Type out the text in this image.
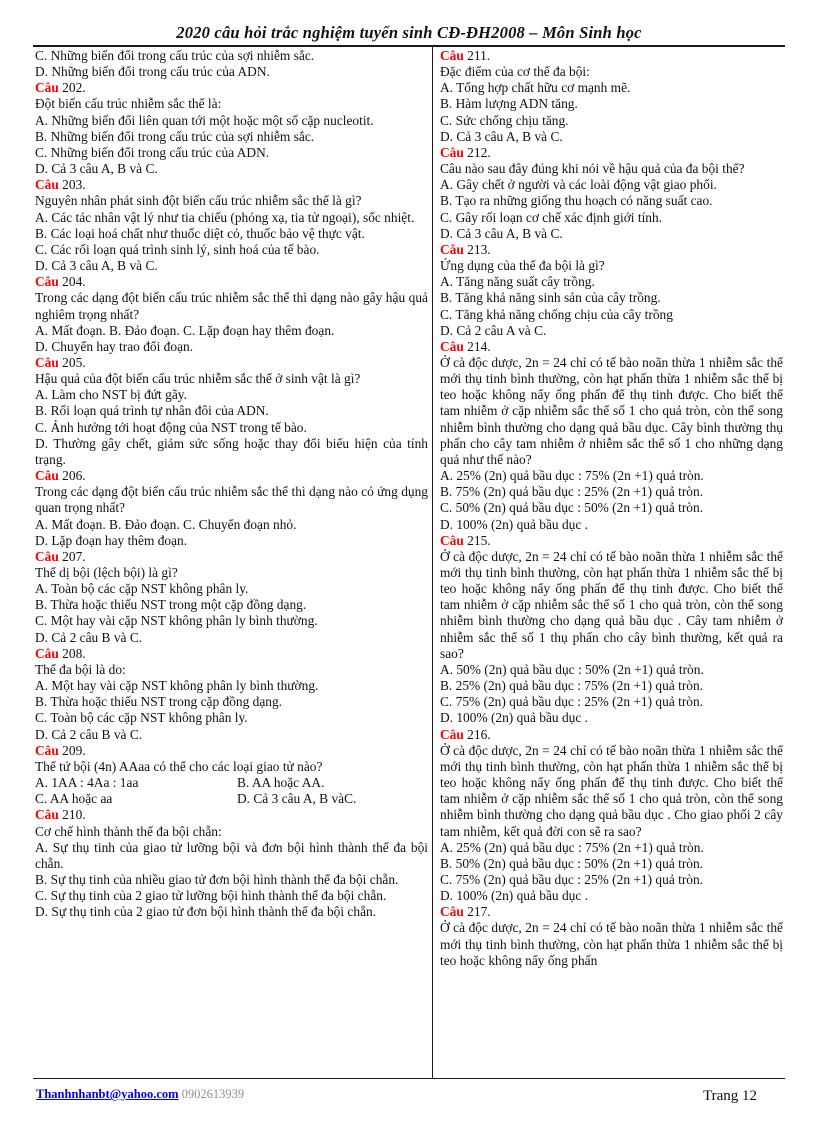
2020 câu hỏi trắc nghiệm tuyển sinh CĐ-ĐH2008 – Môn Sinh học
C. Những biến đổi trong cấu trúc của sợi nhiễm sắc.
D. Những biến đổi trong cấu trúc của ADN.
Câu 202.
Đột biến cấu trúc nhiễm sắc thể là:
A. Những biến đổi liên quan tới một hoặc một số cặp nucleotit.
B. Những biến đổi trong cấu trúc của sợi nhiễm sắc.
C. Những biến đổi trong cấu trúc của ADN.
D. Cả 3 câu A, B và C.
Câu 203.
Nguyên nhân phát sinh đột biến cấu trúc nhiễm sắc thể là gì?
A. Các tác nhân vật lý như tia chiếu (phóng xạ, tia tử ngoại), sốc nhiệt.
B. Các loại hoá chất như thuốc diệt cỏ, thuốc bảo vệ thực vật.
C. Các rối loạn quá trình sinh lý, sinh hoá của tế bào.
D. Cả 3 câu A, B và C.
Câu 204.
Trong các dạng đột biến cấu trúc nhiễm sắc thể thì dạng nào gây hậu quả nghiêm trọng nhất?
A. Mất đoạn. B. Đảo đoạn. C. Lặp đoạn hay thêm đoạn.
D. Chuyển hay trao đổi đoạn.
Câu 205.
Hậu quả của đột biến cấu trúc nhiễm sắc thể ở sinh vật là gì?
A. Làm cho NST bị đứt gãy.
B. Rối loạn quá trình tự nhân đôi của ADN.
C. Ảnh hưởng tới hoạt động của NST trong tế bào.
D. Thường gây chết, giảm sức sống hoặc thay đổi biểu hiện của tính trạng.
Câu 206.
Trong các dạng đột biến cấu trúc nhiễm sắc thể thì dạng nào có ứng dụng quan trọng nhất?
A. Mất đoạn. B. Đảo đoạn. C. Chuyển đoạn nhỏ.
D. Lặp đoạn hay thêm đoạn.
Câu 207.
Thể dị bội (lệch bội) là gì?
A. Toàn bộ các cặp NST không phân ly.
B. Thừa hoặc thiếu NST trong một cặp đồng dạng.
C. Một hay vài cặp NST không phân ly bình thường.
D. Cả 2 câu B và C.
Câu 208.
Thể đa bội là do:
A. Một hay vài cặp NST không phân ly bình thường.
B. Thừa hoặc thiếu NST trong cặp đồng dạng.
C. Toàn bộ các cặp NST không phân ly.
D. Cả 2 câu B và C.
Câu 209.
Thể tứ bội (4n) AAaa có thể cho các loại giao tử nào?
A. 1AA : 4Aa : 1aa	B. AA hoặc AA.
C. AA hoặc aa	D. Cả 3 câu A, B vàC.
Câu 210.
Cơ chế hình thành thể đa bội chẵn:
A. Sự thụ tinh của giao tử lưỡng bội và đơn bội hình thành thể đa bội chẵn.
B. Sự thụ tinh của nhiều giao tử đơn bội hình thành thể đa bội chẵn.
C. Sự thụ tinh của 2 giao tử lưỡng bội hình thành thể đa bội chẵn.
D. Sự thụ tinh của 2 giao tử đơn bội hình thành thể đa bội chẵn.
Câu 211.
Đặc điểm của cơ thể đa bội:
A. Tổng hợp chất hữu cơ mạnh mẽ.
B. Hàm lượng ADN tăng.
C. Sức chống chịu tăng.
D. Cả 3 câu A, B và C.
Câu 212.
Câu nào sau đây đúng khi nói về hậu quả của đa bội thể?
A. Gây chết ở người và các loài động vật giao phối.
B. Tạo ra những giống thu hoạch có năng suất cao.
C. Gây rối loạn cơ chế xác định giới tính.
D. Cả 3 câu A, B và C.
Câu 213.
Ứng dụng của thể đa bội là gì?
A. Tăng năng suất cây trồng.
B. Tăng khả năng sinh sản của cây trồng.
C. Tăng khả năng chống chịu của cây trồng
D. Cả 2 câu A và C.
Câu 214.
Ở cà độc dược, 2n = 24 chỉ có tế bào noãn thừa 1 nhiễm sắc thể mới thụ tinh bình thường, còn hạt phấn thừa 1 nhiễm sắc thể bị teo hoặc không nẩy ống phấn để thụ tinh được. Cho biết thể tam nhiễm ở cặp nhiễm sắc thể số 1 cho quả tròn, còn thể song nhiễm bình thường cho dạng quả bầu dục. Cây bình thường thụ phấn cho cây tam nhiễm ở nhiễm sắc thể số 1 cho những dạng quả như thế nào?
A. 25% (2n) quả bầu dục : 75% (2n +1) quả tròn.
B. 75% (2n) quả bầu dục : 25% (2n +1) quả tròn.
C. 50% (2n) quả bầu dục : 50% (2n +1) quả tròn.
D. 100% (2n) quả bầu dục .
Câu 215.
Ở cà độc dược, 2n = 24 chỉ có tế bào noãn thừa 1 nhiễm sắc thể mới thụ tinh bình thường, còn hạt phấn thừa 1 nhiễm sắc thể bị teo hoặc không nẩy ống phấn để thụ tinh được. Cho biết thể tam nhiễm ở cặp nhiễm sắc thể số 1 cho quả tròn, còn thể song nhiễm bình thường cho dạng quả bầu dục . Cây tam nhiễm ở nhiễm sắc thể số 1 thụ phấn cho cây bình thường, kết quả ra sao?
A. 50% (2n) quả bầu dục : 50% (2n +1) quả tròn.
B. 25% (2n) quả bầu dục : 75% (2n +1) quả tròn.
C. 75% (2n) quả bầu dục : 25% (2n +1) quả tròn.
D. 100% (2n) quả bầu dục .
Câu 216.
Ở cà độc dược, 2n = 24 chỉ có tế bào noãn thừa 1 nhiễm sắc thể mới thụ tinh bình thường, còn hạt phấn thừa 1 nhiễm sắc thể bị teo hoặc không nẩy ống phấn để thụ tinh được. Cho biết thể tam nhiễm ở cặp nhiễm sắc thể số 1 cho quả tròn, còn thể song nhiễm bình thường cho dạng quả bầu dục . Cho giao phối 2 cây tam nhiễm, kết quả đời con sẽ ra sao?
A. 25% (2n) quả bầu dục : 75% (2n +1) quả tròn.
B. 50% (2n) quả bầu dục : 50% (2n +1) quả tròn.
C. 75% (2n) quả bầu dục : 25% (2n +1) quả tròn.
D. 100% (2n) quả bầu dục .
Câu 217.
Ở cà độc dược, 2n = 24 chỉ có tế bào noãn thừa 1 nhiễm sắc thể mới thụ tinh bình thường, còn hạt phấn thừa 1 nhiễm sắc thể bị teo hoặc không nẩy ống phấn
Thanhnhanbt@yahoo.com 0902613939	Trang 12
